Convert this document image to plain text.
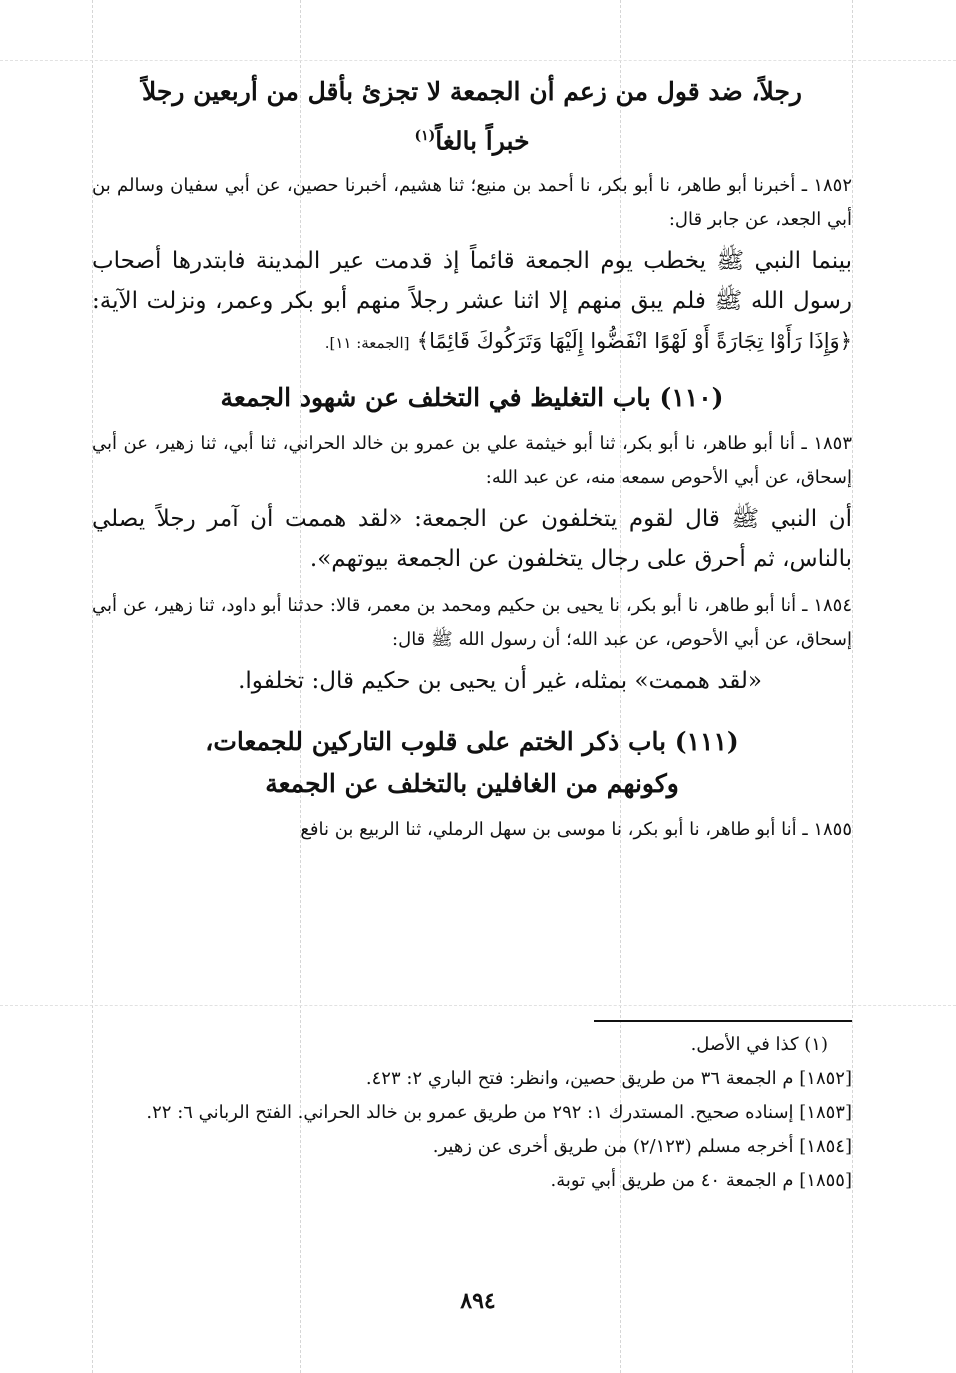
رجلاً، ضد قول من زعم أن الجمعة لا تجزئ بأقل من أربعين رجلاً
خبراً بالغاً$^{(١)}$

١٨٥٢ ـ أخبرنا أبو طاهر، نا أبو بكر، نا أحمد بن منيع؛ ثنا هشيم، أخبرنا حصين، عن أبي سفيان وسالم بن أبي الجعد، عن جابر قال:

بينما النبي ﷺ يخطب يوم الجمعة قائماً إذ قدمت عير المدينة فابتدرها أصحاب رسول الله ﷺ فلم يبق منهم إلا اثنا عشر رجلاً منهم أبو بكر وعمر، ونزلت الآية: ﴿وَإِذَا رَأَوْا تِجَارَةً أَوْ لَهْوًا انْفَضُّوا إِلَيْهَا وَتَرَكُوكَ قَائِمًا﴾ [الجمعة: ١١].

(١١٠) باب التغليظ في التخلف عن شهود الجمعة

١٨٥٣ ـ أنا أبو طاهر، نا أبو بكر، ثنا أبو خيثمة علي بن عمرو بن خالد الحراني، ثنا أبي، ثنا زهير، عن أبي إسحاق، عن أبي الأحوص سمعه منه، عن عبد الله:

أن النبي ﷺ قال لقوم يتخلفون عن الجمعة: «لقد هممت أن آمر رجلاً يصلي بالناس، ثم أحرق على رجال يتخلفون عن الجمعة بيوتهم».

١٨٥٤ ـ أنا أبو طاهر، نا أبو بكر، نا يحيى بن حكيم ومحمد بن معمر، قالا: حدثنا أبو داود، ثنا زهير، عن أبي إسحاق، عن أبي الأحوص، عن عبد الله؛ أن رسول الله ﷺ قال:

«لقد هممت» بمثله، غير أن يحيى بن حكيم قال: تخلفوا.

(١١١) باب ذكر الختم على قلوب التاركين للجمعات،
وكونهم من الغافلين بالتخلف عن الجمعة

١٨٥٥ ـ أنا أبو طاهر، نا أبو بكر، نا موسى بن سهل الرملي، ثنا الربيع بن نافع

(١) كذا في الأصل.

[١٨٥٢] م الجمعة ٣٦ من طريق حصين، وانظر: فتح الباري ٢: ٤٢٣.

[١٨٥٣] إسناده صحيح. المستدرك ١: ٢٩٢ من طريق عمرو بن خالد الحراني. الفتح الرباني ٦: ٢٢.

[١٨٥٤] أخرجه مسلم (٢/١٢٣) من طريق أخرى عن زهير.

[١٨٥٥] م الجمعة ٤٠ من طريق أبي توبة.

٨٩٤
